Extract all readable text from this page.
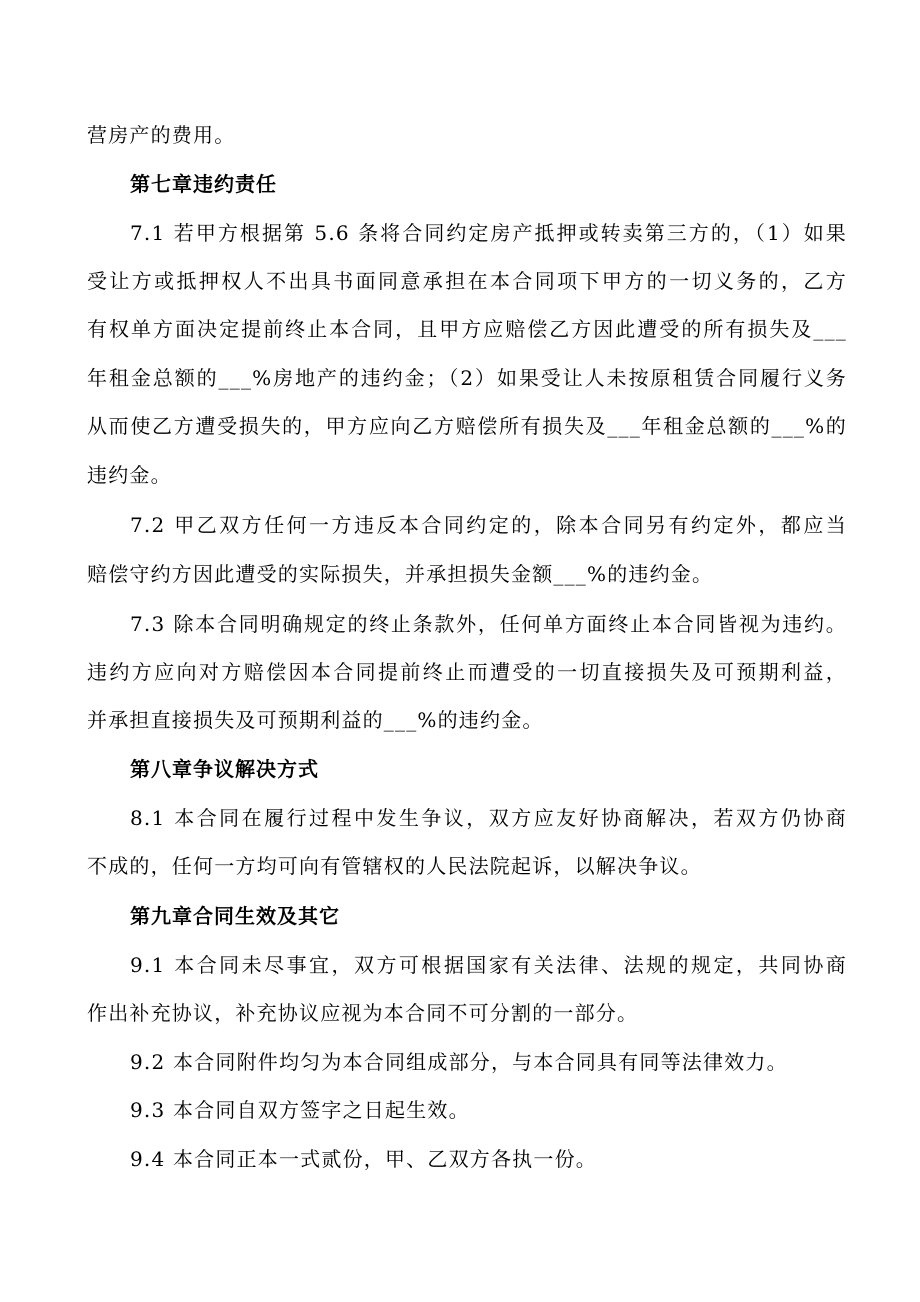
营房产的费用。
第七章违约责任
7.1 若甲方根据第 5.6 条将合同约定房产抵押或转卖第三方的，（1）如果
受让方或抵押权人不出具书面同意承担在本合同项下甲方的一切义务的，乙方
有权单方面决定提前终止本合同，且甲方应赔偿乙方因此遭受的所有损失及___
年租金总额的___%房地产的违约金；（2）如果受让人未按原租赁合同履行义务
从而使乙方遭受损失的，甲方应向乙方赔偿所有损失及___年租金总额的___%的
违约金。
7.2 甲乙双方任何一方违反本合同约定的，除本合同另有约定外，都应当
赔偿守约方因此遭受的实际损失，并承担损失金额___%的违约金。
7.3 除本合同明确规定的终止条款外，任何单方面终止本合同皆视为违约。
违约方应向对方赔偿因本合同提前终止而遭受的一切直接损失及可预期利益，
并承担直接损失及可预期利益的___%的违约金。
第八章争议解决方式
8.1 本合同在履行过程中发生争议，双方应友好协商解决，若双方仍协商
不成的，任何一方均可向有管辖权的人民法院起诉，以解决争议。
第九章合同生效及其它
9.1 本合同未尽事宜，双方可根据国家有关法律、法规的规定，共同协商
作出补充协议，补充协议应视为本合同不可分割的一部分。
9.2 本合同附件均匀为本合同组成部分，与本合同具有同等法律效力。
9.3 本合同自双方签字之日起生效。
9.4 本合同正本一式贰份，甲、乙双方各执一份。
